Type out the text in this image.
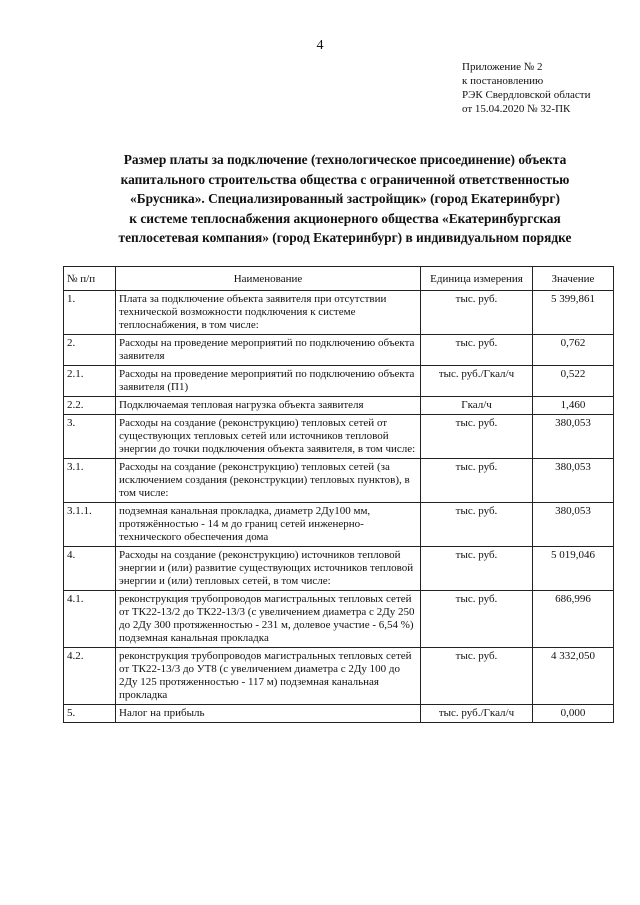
4
Приложение № 2
к постановлению
РЭК Свердловской области
от 15.04.2020 № 32-ПК
Размер платы за подключение (технологическое присоединение) объекта
капитального строительства общества с ограниченной ответственностью
«Брусника». Специализированный застройщик» (город Екатеринбург)
к системе теплоснабжения акционерного общества «Екатеринбургская
теплосетевая компания» (город Екатеринбург) в индивидуальном порядке
№ п/п	Наименование	Единица измерения	Значение
1.	Плата за подключение объекта заявителя при отсутствии технической возможности подключения к системе теплоснабжения, в том числе:	тыс. руб.	5 399,861
2.	Расходы на проведение мероприятий по подключению объекта заявителя	тыс. руб.	0,762
2.1.	Расходы на проведение мероприятий по подключению объекта заявителя (П1)	тыс. руб./Гкал/ч	0,522
2.2.	Подключаемая тепловая нагрузка объекта заявителя	Гкал/ч	1,460
3.	Расходы на создание (реконструкцию) тепловых сетей от существующих тепловых сетей или источников тепловой энергии до точки подключения объекта заявителя, в том числе:	тыс. руб.	380,053
3.1.	Расходы на создание (реконструкцию) тепловых сетей (за исключением создания (реконструкции) тепловых пунктов), в том числе:	тыс. руб.	380,053
3.1.1.	подземная канальная прокладка, диаметр 2Ду100 мм, протяжённостью - 14 м до границ сетей инженерно-технического обеспечения дома	тыс. руб.	380,053
4.	Расходы на создание (реконструкцию) источников тепловой энергии и (или) развитие существующих источников тепловой энергии и (или) тепловых сетей, в том числе:	тыс. руб.	5 019,046
4.1.	реконструкция трубопроводов магистральных тепловых сетей от ТК22-13/2 до ТК22-13/3 (с увеличением диаметра с 2Ду 250 до 2Ду 300 протяженностью - 231 м, долевое участие - 6,54 %) подземная канальная прокладка	тыс. руб.	686,996
4.2.	реконструкция трубопроводов магистральных тепловых сетей от ТК22-13/3 до УТ8 (с увеличением диаметра с 2Ду 100 до 2Ду 125 протяженностью - 117 м) подземная канальная прокладка	тыс. руб.	4 332,050
5.	Налог на прибыль	тыс. руб./Гкал/ч	0,000
